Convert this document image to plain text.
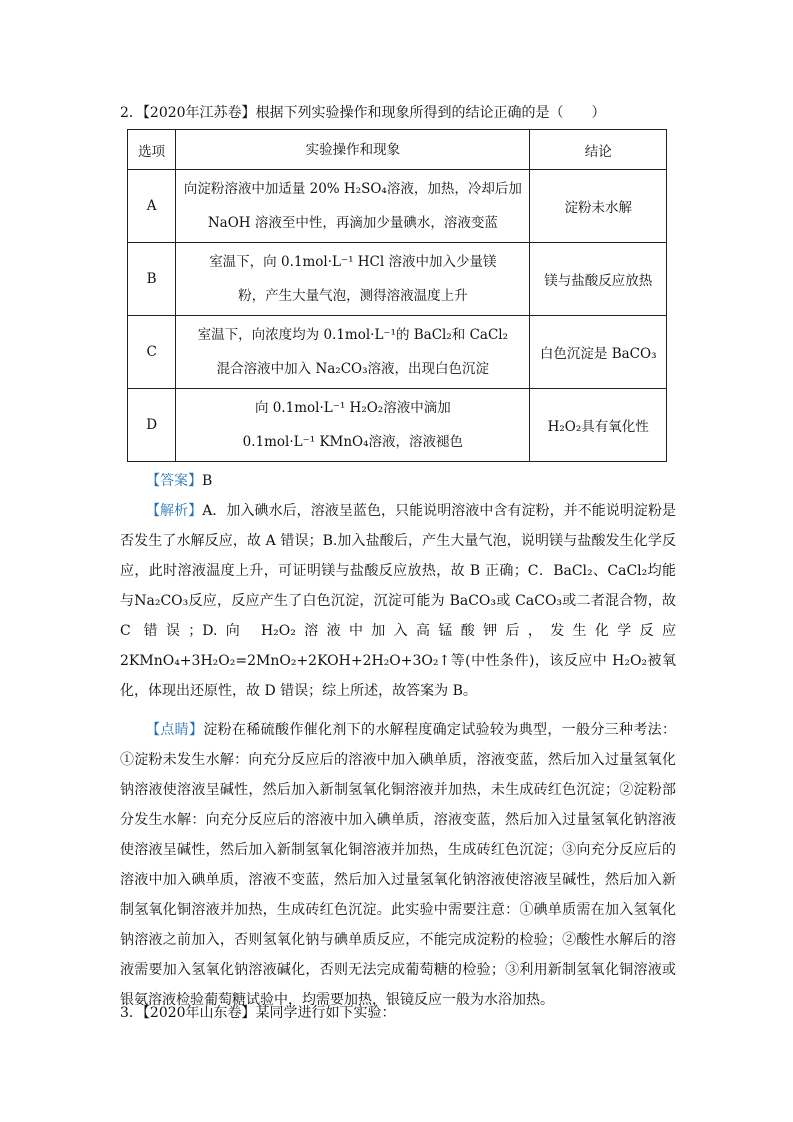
2．【2020年江苏卷】根据下列实验操作和现象所得到的结论正确的是（　　）
选项	实验操作和现象	结论
A	向淀粉溶液中加适量 20% H₂SO₄溶液，加热，冷却后加
NaOH 溶液至中性，再滴加少量碘水，溶液变蓝	淀粉未水解
B	室温下，向 0.1mol·L⁻¹ HCl 溶液中加入少量镁
粉，产生大量气泡，测得溶液温度上升	镁与盐酸反应放热
C	室温下，向浓度均为 0.1mol·L⁻¹的 BaCl₂和 CaCl₂
混合溶液中加入 Na₂CO₃溶液，出现白色沉淀	白色沉淀是 BaCO₃
D	向 0.1mol·L⁻¹ H₂O₂溶液中滴加
0.1mol·L⁻¹ KMnO₄溶液，溶液褪色	H₂O₂具有氧化性
【答案】B
【解析】A．加入碘水后，溶液呈蓝色，只能说明溶液中含有淀粉，并不能说明淀粉是否发生了水解反应，故 A 错误；B.加入盐酸后，产生大量气泡，说明镁与盐酸发生化学反应，此时溶液温度上升，可证明镁与盐酸反应放热，故 B 正确；C．BaCl₂、CaCl₂均能与Na₂CO₃反应，反应产生了白色沉淀，沉淀可能为 BaCO₃或 CaCO₃或二者混合物，故 C 错误；D.向 H₂O₂溶液中加入高锰酸钾后，发生化学反应 2KMnO₄+3H₂O₂=2MnO₂+2KOH+2H₂O+3O₂↑等(中性条件)，该反应中 H₂O₂被氧化，体现出还原性，故 D 错误；综上所述，故答案为 B。
【点睛】淀粉在稀硫酸作催化剂下的水解程度确定试验较为典型，一般分三种考法：①淀粉未发生水解：向充分反应后的溶液中加入碘单质，溶液变蓝，然后加入过量氢氧化钠溶液使溶液呈碱性，然后加入新制氢氧化铜溶液并加热，未生成砖红色沉淀；②淀粉部分发生水解：向充分反应后的溶液中加入碘单质，溶液变蓝，然后加入过量氢氧化钠溶液使溶液呈碱性，然后加入新制氢氧化铜溶液并加热，生成砖红色沉淀；③向充分反应后的溶液中加入碘单质，溶液不变蓝，然后加入过量氢氧化钠溶液使溶液呈碱性，然后加入新制氢氧化铜溶液并加热，生成砖红色沉淀。此实验中需要注意：①碘单质需在加入氢氧化钠溶液之前加入，否则氢氧化钠与碘单质反应，不能完成淀粉的检验；②酸性水解后的溶液需要加入氢氧化钠溶液碱化，否则无法完成葡萄糖的检验；③利用新制氢氧化铜溶液或银氨溶液检验葡萄糖试验中，均需要加热，银镜反应一般为水浴加热。
3．【2020年山东卷】某同学进行如下实验：
